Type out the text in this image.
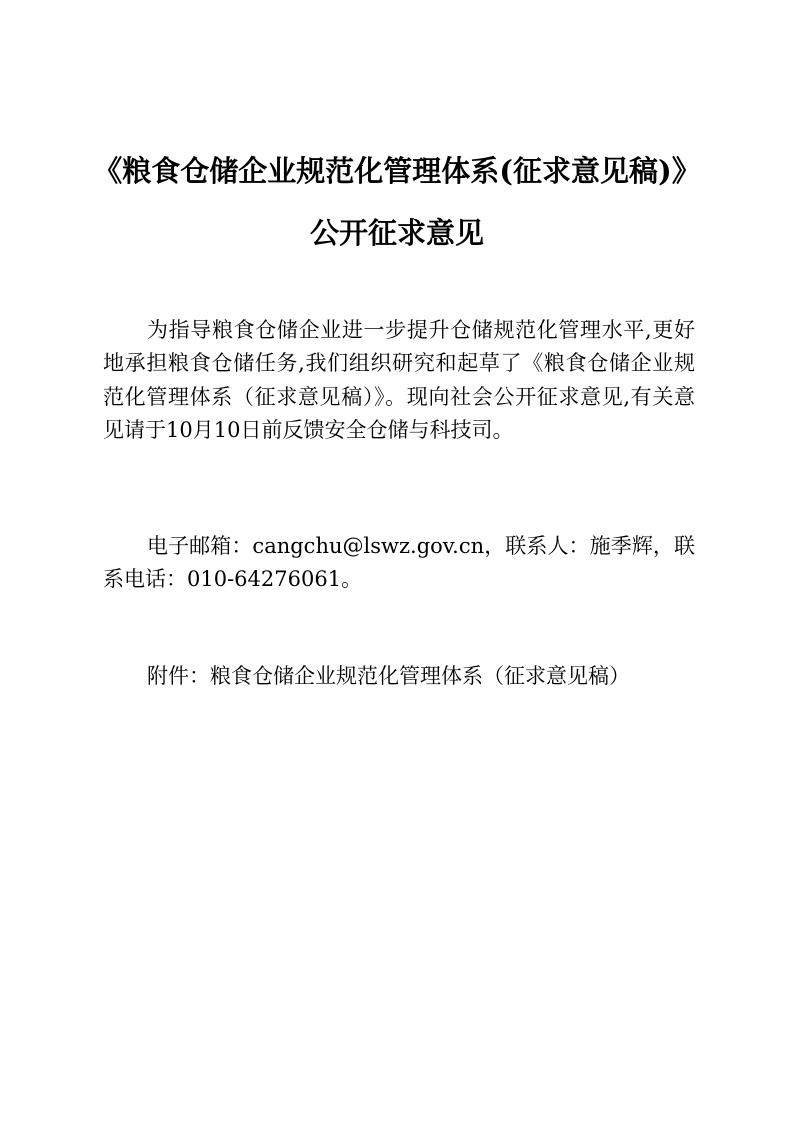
《粮食仓储企业规范化管理体系(征求意见稿)》
公开征求意见
为指导粮食仓储企业进一步提升仓储规范化管理水平,更好地承担粮食仓储任务,我们组织研究和起草了《粮食仓储企业规范化管理体系（征求意见稿）》。现向社会公开征求意见,有关意见请于10月10日前反馈安全仓储与科技司。
电子邮箱：cangchu@lswz.gov.cn，联系人：施季辉，联系电话：010-64276061。
附件：粮食仓储企业规范化管理体系（征求意见稿）
